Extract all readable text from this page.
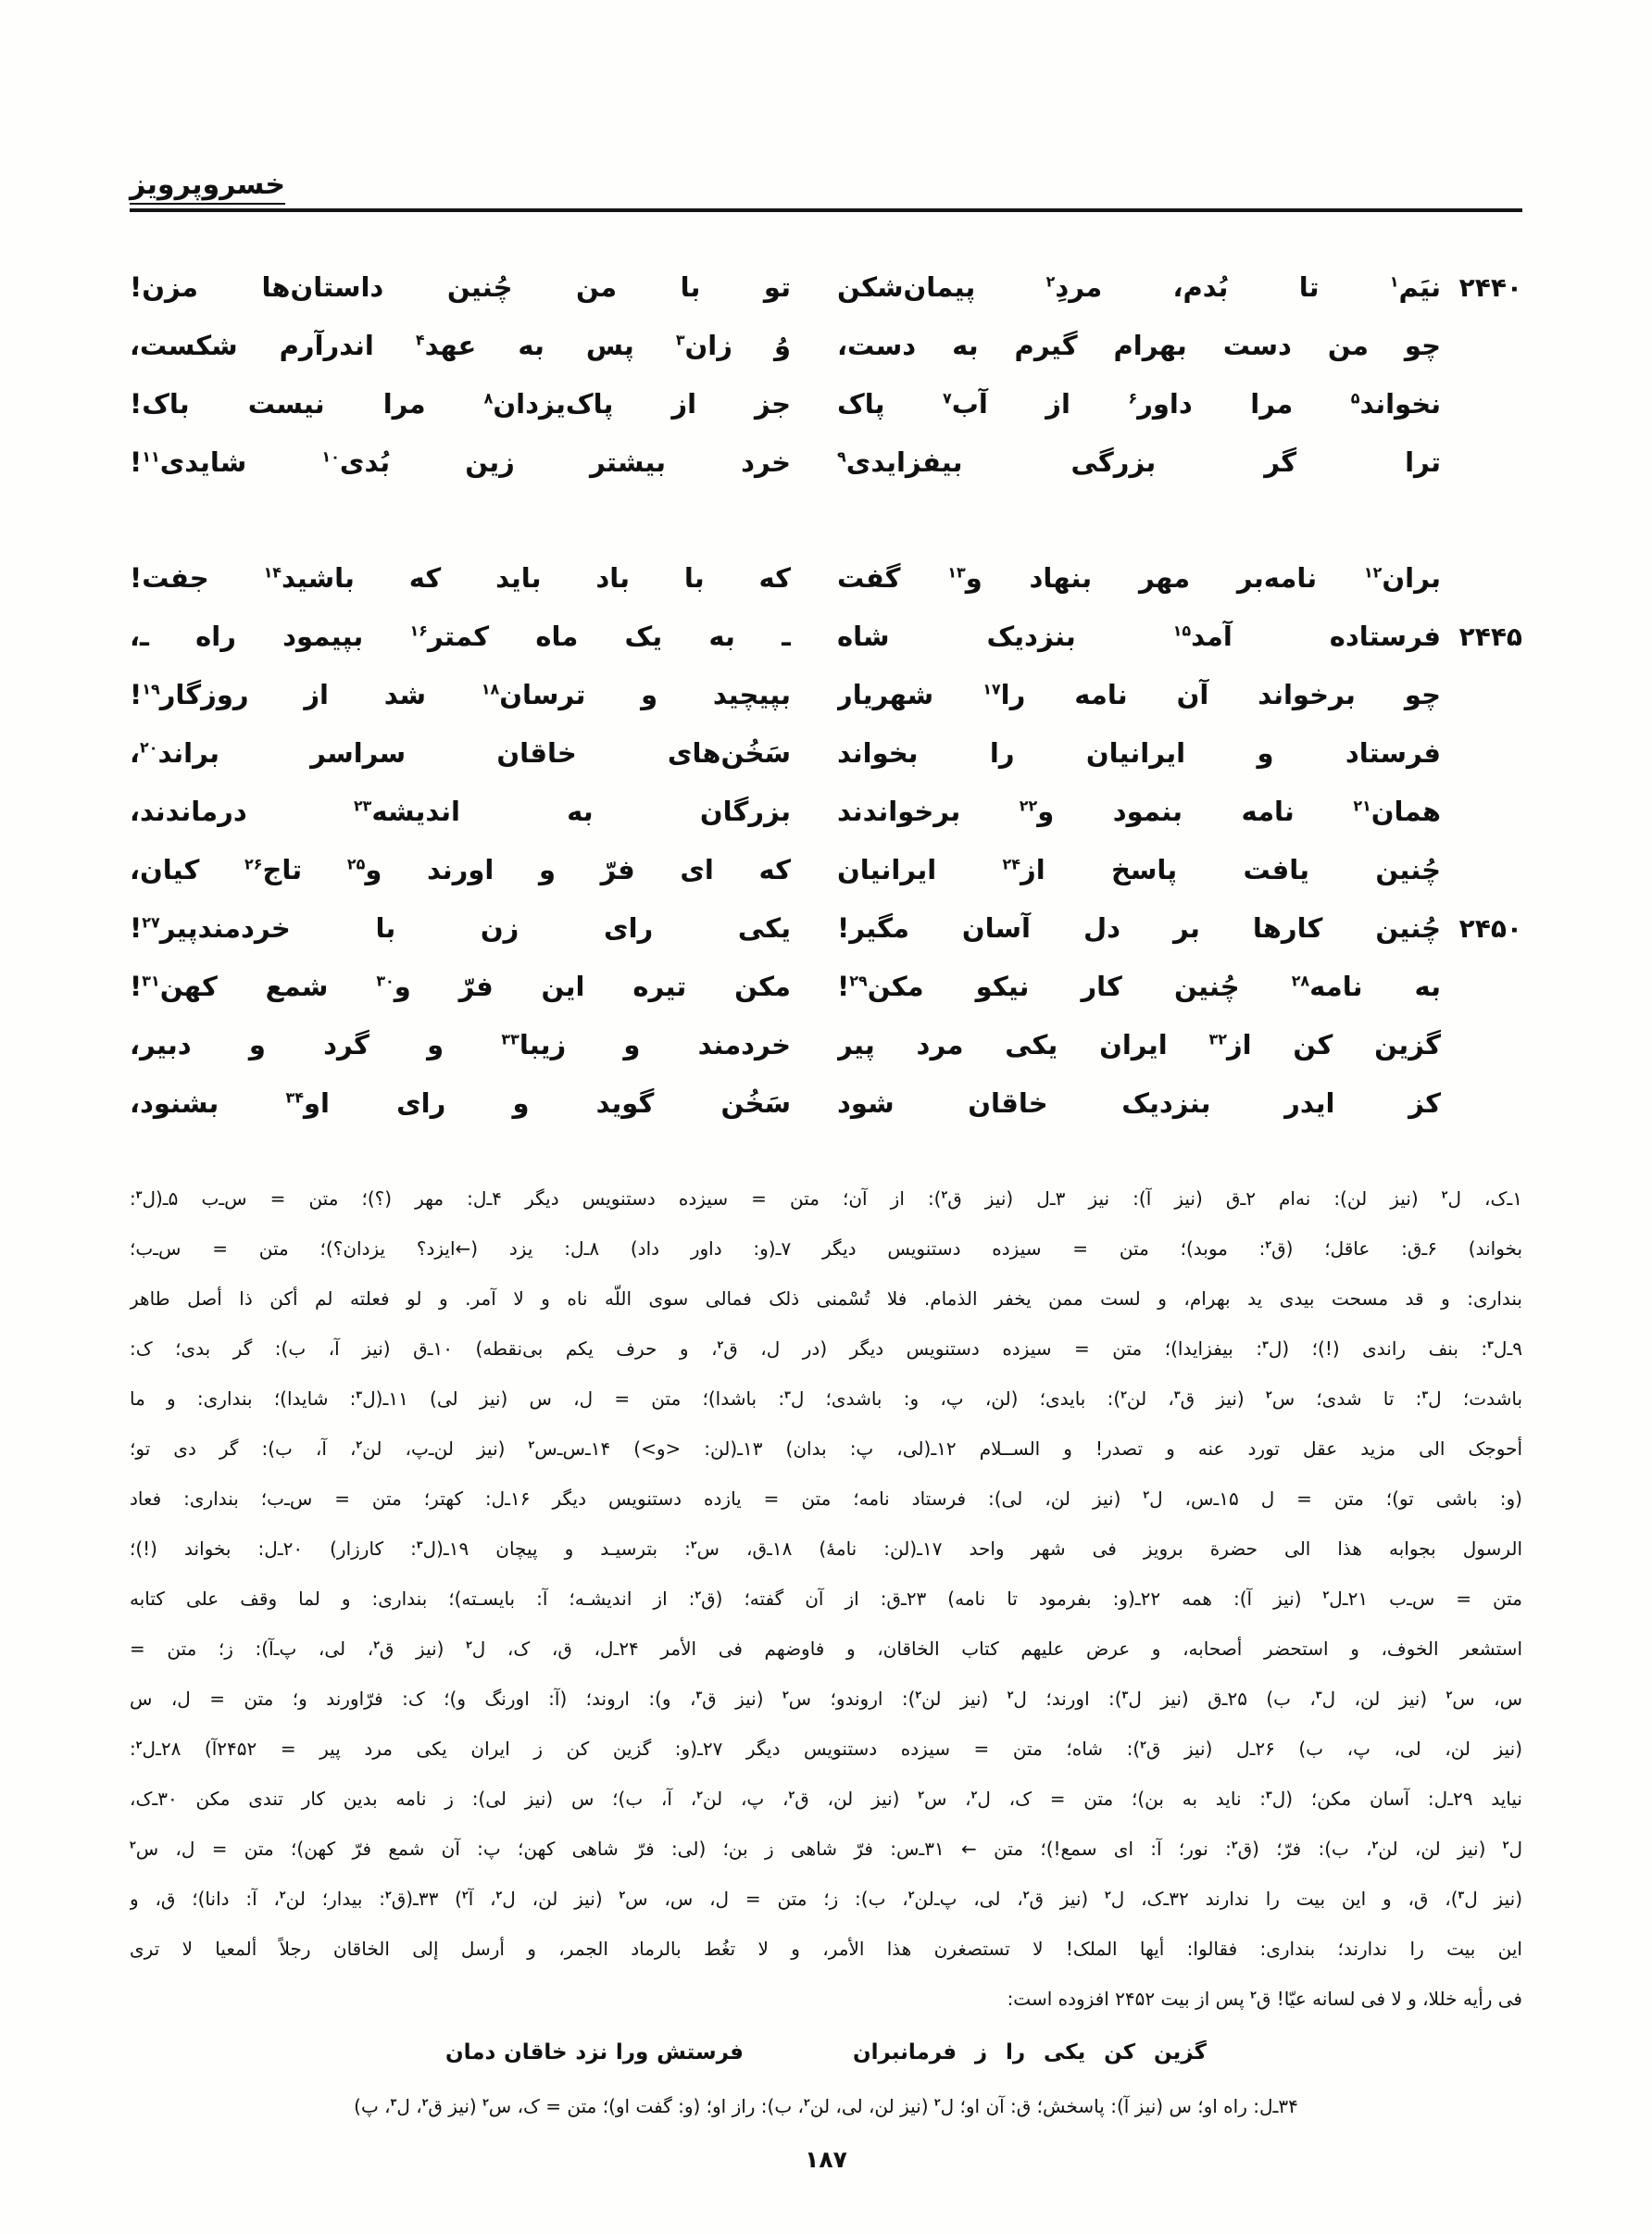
خسروپرویز
۲۴۴۰
نیَم$^۱$ تا بُدم، مردِ$^۲$ پیمان‌شکن
تو با من چُنین داستان‌ها مزن!
چو من دست بهرام گیرم به دست،
وُ زان$^۳$ پس به عهد$^۴$ اندرآرم شکست،
نخواند$^۵$ مرا داور$^۶$ از آب$^۷$ پاک
جز از پاک‌یزدان$^۸$ مرا نیست باک!
ترا گر بزرگی بیفزایدی$^۹$
خرد بیشتر زین بُدی$^{۱۰}$ شایدی$^{۱۱}$!
بران$^{۱۲}$ نامه‌بر مهر بنهاد و$^{۱۳}$ گفت
که با باد باید که باشید$^{۱۴}$ جفت!
۲۴۴۵
فرستاده آمد$^{۱۵}$ بنزدیک شاه
ـ به یک ماه کمتر$^{۱۶}$ بپیمود راه ـ،
چو برخواند آن نامه را$^{۱۷}$ شهریار
بپیچید و ترسان$^{۱۸}$ شد از روزگار$^{۱۹}$!
فرستاد و ایرانیان را بخواند
سَخُن‌های خاقان سراسر براند$^{۲۰}$،
همان$^{۲۱}$ نامه بنمود و$^{۲۲}$ برخواندند
بزرگان به اندیشه$^{۲۳}$ درماندند،
چُنین یافت پاسخ از$^{۲۴}$ ایرانیان
که ای فرّ و اورند و$^{۲۵}$ تاج$^{۲۶}$ کیان،
۲۴۵۰
چُنین کارها بر دل آسان مگیر!
یکی رای زن با خردمندپیر$^{۲۷}$!
به نامه$^{۲۸}$ چُنین کار نیکو مکن$^{۲۹}$!
مکن تیره این فرّ و$^{۳۰}$ شمعِ کهن$^{۳۱}$!
گزین کن از$^{۳۲}$ ایران یکی مرد پیر
خردمند و زیبا$^{۳۳}$ و گرد و دبیر،
کز ایدر بنزدیک خاقان شود
سَخُن گوید و رای او$^{۳۴}$ بشنود،
۱ـ‌ک، ل$^۲$ (نیز لن): نه‌ام ۲ـ‌ق (نیز آ): نیز ۳ـ‌ل (نیز ق$^۲$): از آن؛ متن = سیزده دستنویس دیگر ۴ـ‌ل: مهر (؟)؛ متن = س‌ـ‌ب ۵ـ(ل$^۳$:
بخواند) ۶ـ‌ق: عاقل؛ (ق$^۲$: موبد)؛ متن = سیزده دستنویس دیگر ۷ـ(و: داور داد) ۸ـ‌ل: یزد (←ایزد؟ یزدان؟)؛ متن = س‌ـ‌ب؛
بنداری: و قد مسحت بیدی ید بهرام، و لست ممن یخفر الذمام. فلا تُسْمنی ذلک فمالی سوی اللّه ناه و لا آمر. و لو فعلته لم أکن ذا أصل طاهر
۹ـ‌ل$^۳$: بنف راندی (!)؛ (ل$^۳$: بیفزایدا)؛ متن = سیزده دستنویس دیگر (در ل، ق$^۲$، و حرف یکم بی‌نقطه) ۱۰ـ‌ق (نیز آ، ب): گر بدی؛ ک:
باشدت؛ ل$^۳$: تا شدی؛ س$^۲$ (نیز ق$^۳$، لن$^۲$): بایدی؛ (لن، پ، و: باشدی؛ ل$^۳$: باشدا)؛ متن = ل، س (نیز لی) ۱۱ـ(ل$^۳$: شایدا)؛ بنداری: و ما
أحوجک الی مزید عقل تورد عنه و تصدر! و الســلام ۱۲ـ(لی، پ: بدان) ۱۳ـ(لن: <و>) ۱۴ـ‌س‌ـ‌س$^۲$ (نیز لن‌ـ‌پ، لن$^۲$، آ، ب): گر دی تو؛
(و: باشی تو)؛ متن = ل ۱۵ـ‌س، ل$^۲$ (نیز لن، لی): فرستاد نامه؛ متن = یازده دستنویس دیگر ۱۶ـ‌ل: کهتر؛ متن = س‌ـ‌ب؛ بنداری: فعاد
الرسول بجوابه هذا الی حضرة برویز فی شهر واحد ۱۷ـ(لن: نامهٔ) ۱۸ـ‌ق، س$^۲$: بترسیـد و پیچان ۱۹ـ(ل$^۳$: کارزار) ۲۰ـ‌ل: بخواند (!)؛
متن = س‌ـ‌ب ۲۱ـ‌ل$^۲$ (نیز آ): همه ۲۲ـ(و: بفرمود تا نامه) ۲۳ـ‌ق: از آن گفته؛ (ق$^۲$: از اندیشـه؛ آ: بایسـته)؛ بنداری: و لما وقف علی کتابه
استشعر الخوف، و استحضر أصحابه، و عرض علیهم کتاب الخاقان، و فاوضهم فی الأمر ۲۴ـ‌ل، ق، ک، ل$^۲$ (نیز ق$^۲$، لی، پ‌ـ‌آ): ز؛ متن =
س، س$^۲$ (نیز لن، ل$^۳$، ب) ۲۵ـ‌ق (نیز ل$^۳$): اورند؛ ل$^۲$ (نیز لن$^۲$): اروندو؛ س$^۲$ (نیز ق$^۳$، و): اروند؛ (آ: اورنگ و)؛ ک: فرّاورند و؛ متن = ل، س
(نیز لن، لی، پ، ب) ۲۶ـ‌ل (نیز ق$^۲$): شاه؛ متن = سیزده دستنویس دیگر ۲۷ـ(و: گزین کن ز ایران یکی مرد پیر = ۲۴۵۲آ) ۲۸ـ‌ل$^۲$:
نیاید ۲۹ـ‌ل: آسان مکن؛ (ل$^۳$: ناید به بن)؛ متن = ک، ل$^۲$، س$^۲$ (نیز لن، ق$^۲$، پ، لن$^۲$، آ، ب)؛ س (نیز لی): ز نامه بدین کار تندی مکن ۳۰ـ‌ک،
ل$^۲$ (نیز لن، لن$^۲$، ب): فرّ؛ (ق$^۲$: نور؛ آ: ای سمع!)؛ متن ← ۳۱ـ‌س: فرّ شاهی ز بن؛ (لی: فرّ شاهی کهن؛ پ: آن شمع فرّ کهن)؛ متن = ل، س$^۲$
(نیز ل$^۳$)، ق، و این بیت را ندارند ۳۲ـ‌ک، ل$^۲$ (نیز ق$^۲$، لی، پ‌ـ‌لن$^۲$، ب): ز؛ متن = ل، س، س$^۲$ (نیز لن، ل$^۲$، آ$^۲$) ۳۳ـ(ق$^۲$: بیدار؛ لن$^۲$، آ: دانا)؛ ق، و
این بیت را ندارند؛ بنداری: فقالوا: أیها الملک! لا تستصغرن هذا الأمر، و لا تغُط بالرماد الجمر، و أرسل إلی الخاقان رجلاً ألمعیا لا تری
فی رأیه خللا، و لا فی لسانه عیّا! ق$^۲$ پس از بیت ۲۴۵۲ افزوده است:
گزین کن یکی را ز فرمانبران
فرستش ورا نزد خاقان دمان
۳۴ـ‌ل: راه او؛ س (نیز آ): پاسخش؛ ق: آن او؛ ل$^۲$ (نیز لن، لی، لن$^۲$، ب): راز او؛ (و: گفت او)؛ متن = ک، س$^۲$ (نیز ق$^۲$، ل$^۳$، پ)
۱۸۷
